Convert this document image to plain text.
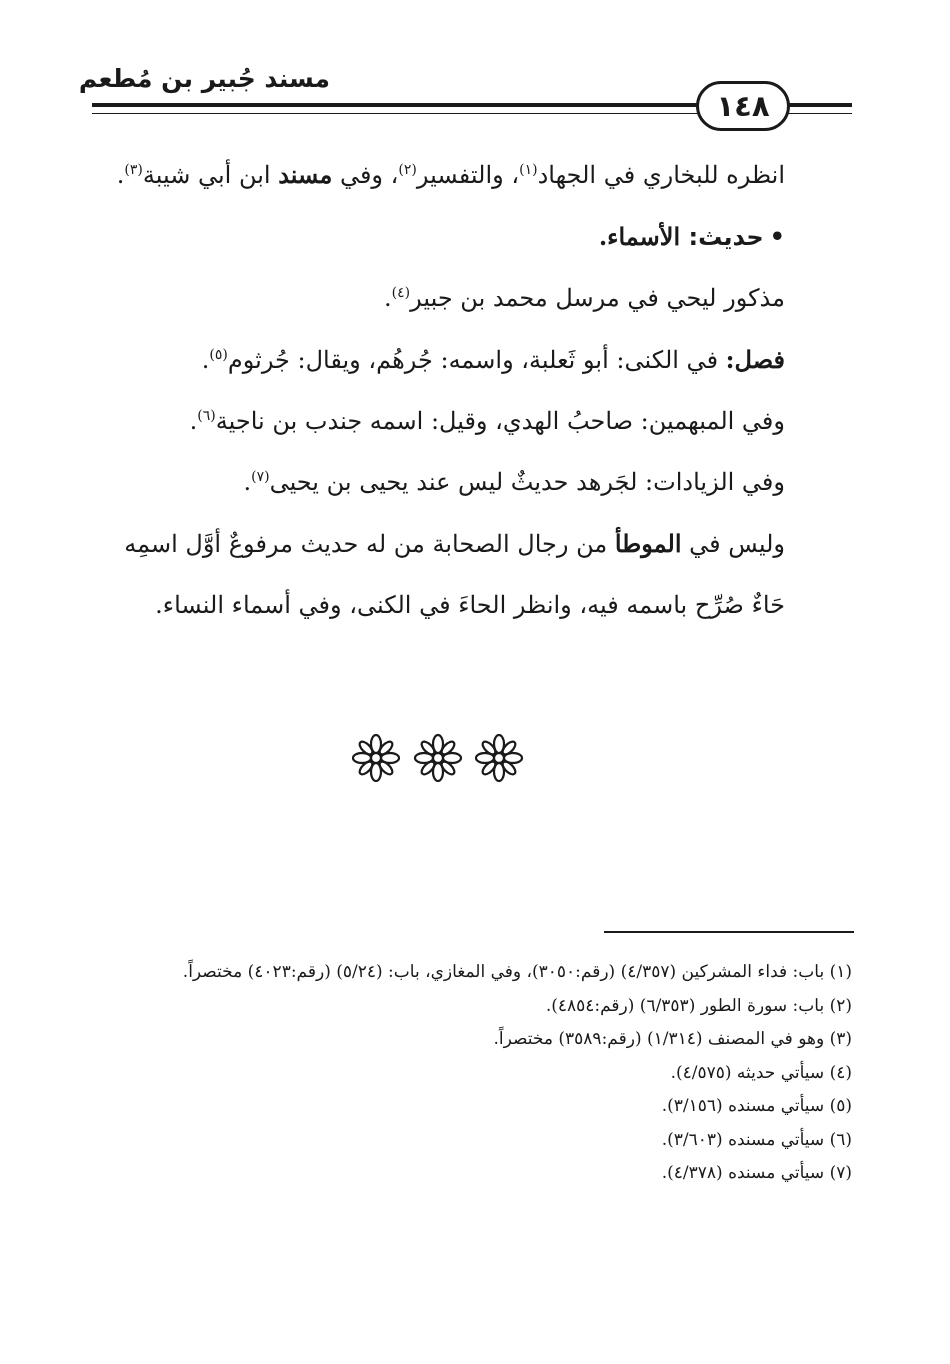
مسند جُبير بن مُطعم
١٤٨

انظره للبخاري في الجهاد$^{(١)}$، والتفسير$^{(٢)}$، وفي مسند ابن أبي شيبة$^{(٣)}$.

•حديث: الأسماء.

مذكور ليحي في مرسل محمد بن جبير$^{(٤)}$.

فصل: في الكنى: أبو ثَعلبة، واسمه: جُرهُم، ويقال: جُرثوم$^{(٥)}$.

وفي المبهمين: صاحبُ الهدي، وقيل: اسمه جندب بن ناجية$^{(٦)}$.

وفي الزيادات: لجَرهد حديثٌ ليس عند يحيى بن يحيى$^{(٧)}$.

وليس في الموطأ من رجال الصحابة من له حديث مرفوعٌ أوَّل اسمِه حَاءٌ صُرِّح باسمه فيه، وانظر الحاءَ في الكنى، وفي أسماء النساء.

(١) باب: فداء المشركين (٤/٣٥٧) (رقم:٣٠٥٠)، وفي المغازي، باب: (٥/٢٤) (رقم:٤٠٢٣) مختصراً.

(٢) باب: سورة الطور (٦/٣٥٣) (رقم:٤٨٥٤).

(٣) وهو في المصنف (١/٣١٤) (رقم:٣٥٨٩) مختصراً.

(٤) سيأتي حديثه (٤/٥٧٥).

(٥) سيأتي مسنده (٣/١٥٦).

(٦) سيأتي مسنده (٣/٦٠٣).

(٧) سيأتي مسنده (٤/٣٧٨).
